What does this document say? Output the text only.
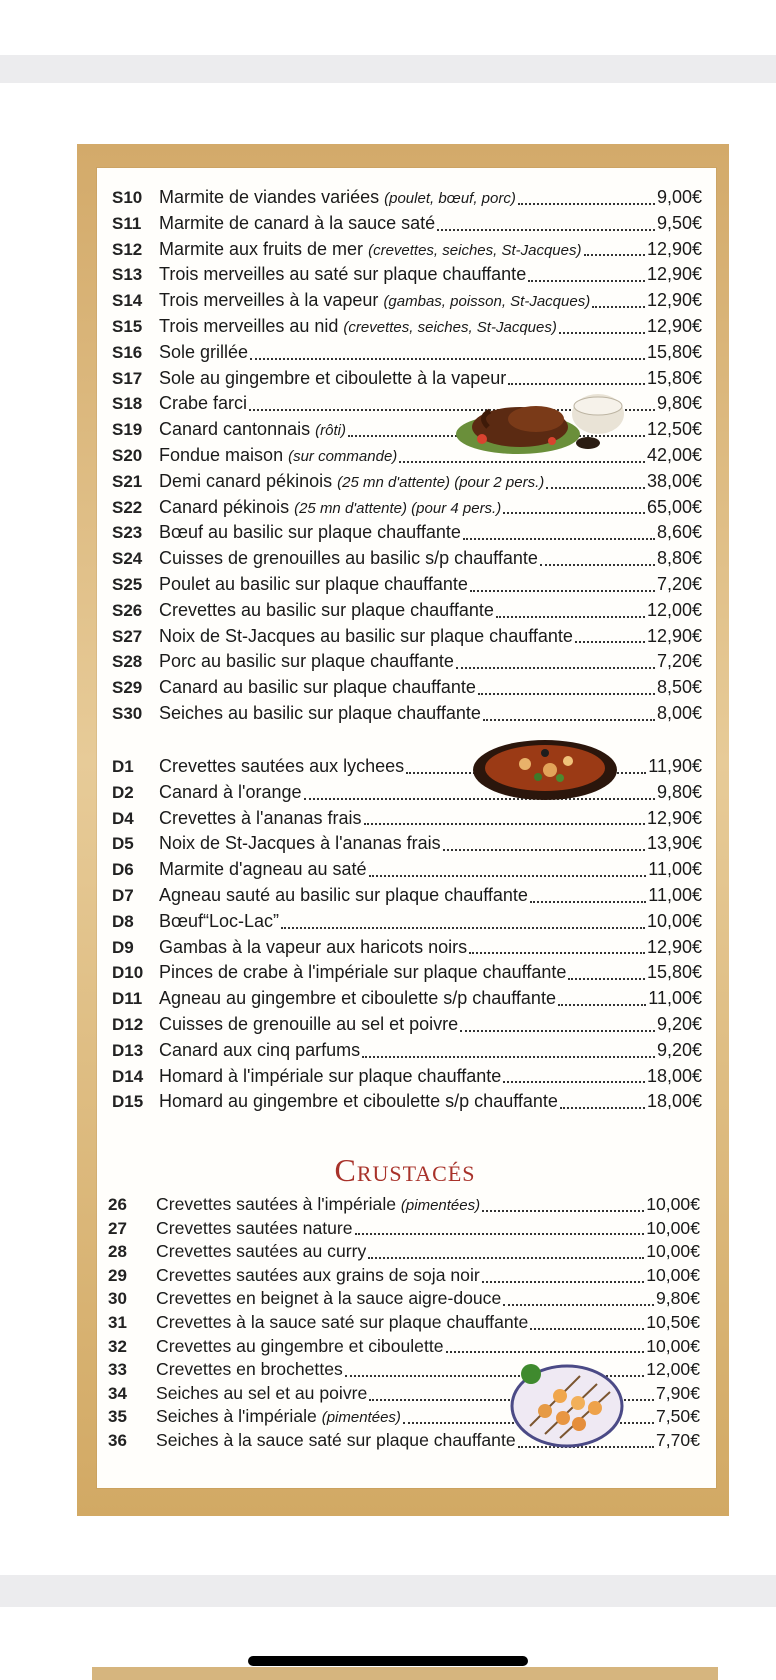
S10 Marmite de viandes variées (poulet, bœuf, porc)	9,00€
S11 Marmite de canard à la sauce saté	9,50€
S12 Marmite aux fruits de mer (crevettes, seiches, St-Jacques)	12,90€
S13 Trois merveilles au saté sur plaque chauffante	12,90€
S14 Trois merveilles à la vapeur (gambas, poisson, St-Jacques)	12,90€
S15 Trois merveilles au nid (crevettes, seiches, St-Jacques)	12,90€
S16 Sole grillée	15,80€
S17 Sole au gingembre et ciboulette à la vapeur	15,80€
S18 Crabe farci	9,80€
S19 Canard cantonnais (rôti)	12,50€
S20 Fondue maison (sur commande)	42,00€
S21 Demi canard pékinois (25 mn d'attente) (pour 2 pers.)	38,00€
S22 Canard pékinois (25 mn d'attente) (pour 4 pers.)	65,00€
S23 Bœuf au basilic sur plaque chauffante	8,60€
S24 Cuisses de grenouilles au basilic s/p chauffante	8,80€
S25 Poulet au basilic sur plaque chauffante	7,20€
S26 Crevettes au basilic sur plaque chauffante	12,00€
S27 Noix de St-Jacques au basilic sur plaque chauffante	12,90€
S28 Porc au basilic sur plaque chauffante	7,20€
S29 Canard au basilic sur plaque chauffante	8,50€
S30 Seiches au basilic sur plaque chauffante	8,00€
D1	Crevettes sautées aux lychees	11,90€
D2	Canard à l'orange	9,80€
D4	Crevettes à l'ananas frais	12,90€
D5	Noix de St-Jacques à l'ananas frais	13,90€
D6	Marmite d'agneau au saté	11,00€
D7	Agneau sauté au basilic sur plaque chauffante	11,00€
D8	Bœuf“Loc-Lac”	10,00€
D9	Gambas à la vapeur aux haricots noirs	12,90€
D10 Pinces de crabe à l'impériale sur plaque chauffante	15,80€
D11 Agneau au gingembre et ciboulette s/p chauffante	11,00€
D12 Cuisses de grenouille au sel et poivre	9,20€
D13 Canard aux cinq parfums	9,20€
D14 Homard à l'impériale sur plaque chauffante	18,00€
D15 Homard au gingembre et ciboulette s/p chauffante	18,00€
Crustacés
26	Crevettes sautées à l'impériale (pimentées)	10,00€
27	Crevettes sautées nature	10,00€
28	Crevettes sautées au curry	10,00€
29	Crevettes sautées aux grains de soja noir	10,00€
30	Crevettes en beignet à la sauce aigre-douce	9,80€
31	Crevettes à la sauce saté sur plaque chauffante	10,50€
32	Crevettes au gingembre et ciboulette	10,00€
33	Crevettes en brochettes	12,00€
34	Seiches au sel et au poivre	7,90€
35	Seiches à l'impériale (pimentées)	7,50€
36	Seiches à la sauce saté sur plaque chauffante	7,70€
